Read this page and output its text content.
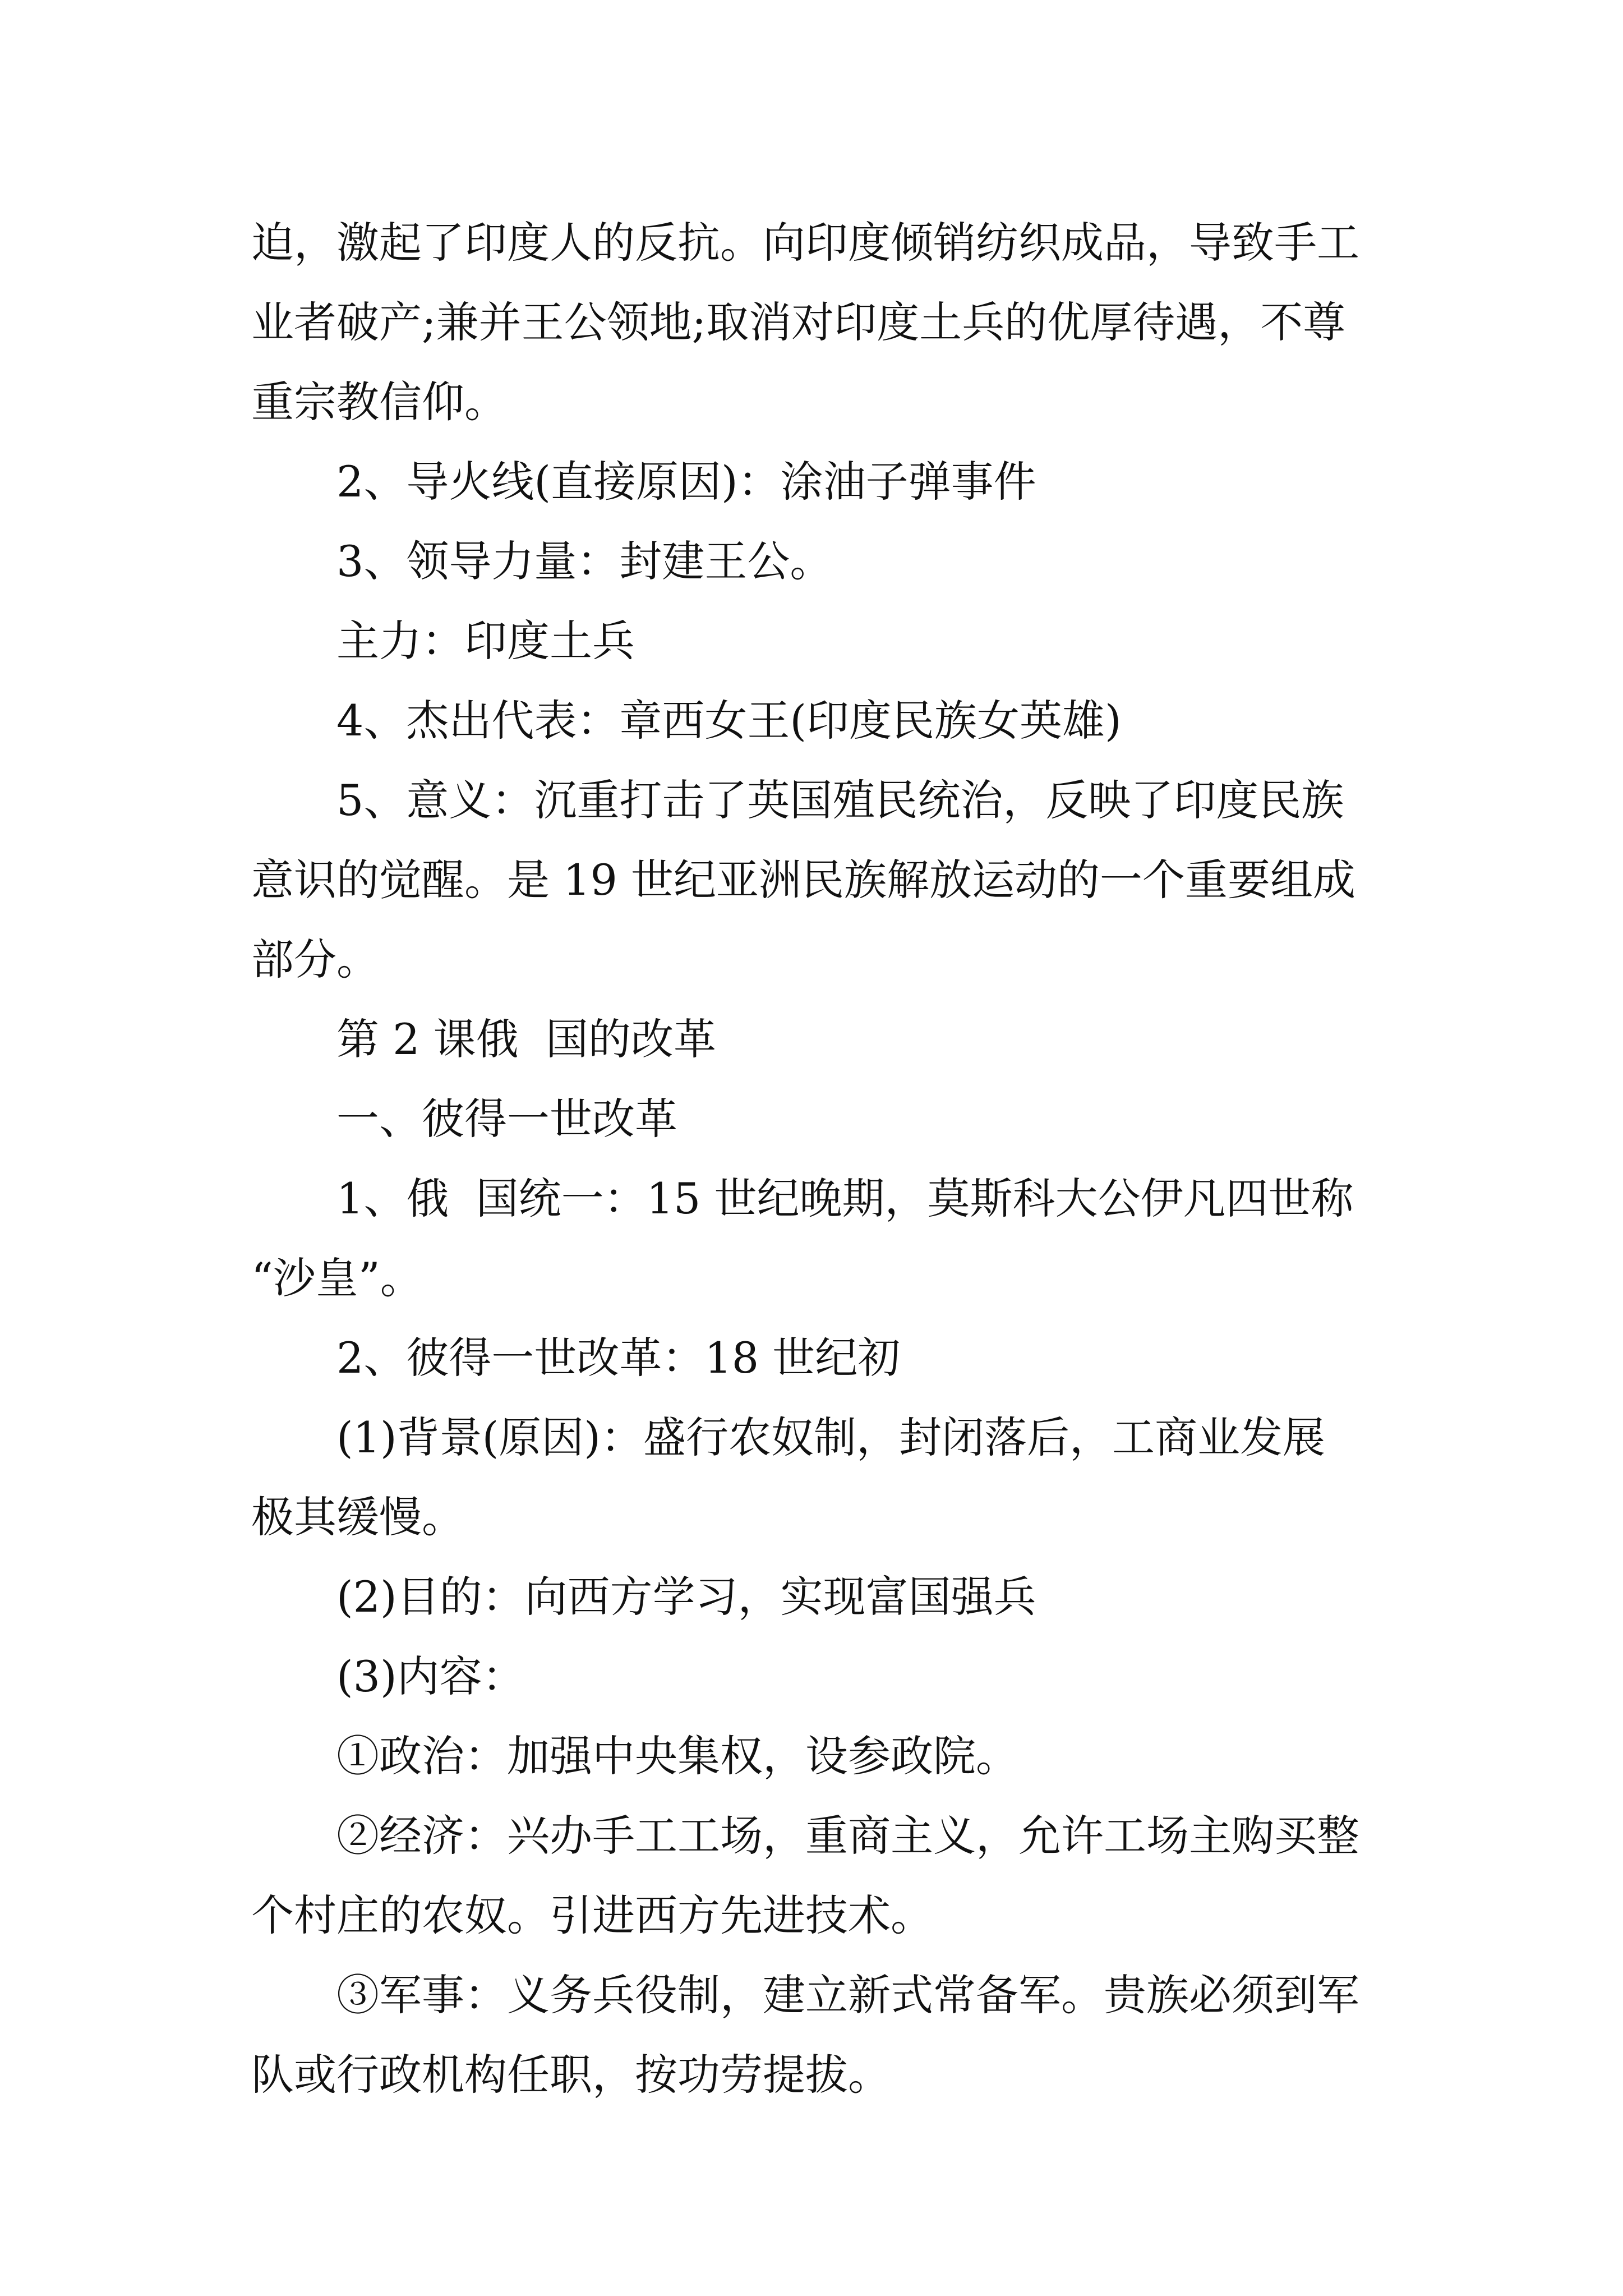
迫，激起了印度人的反抗。向印度倾销纺织成品，导致手工

业者破产;兼并王公领地;取消对印度土兵的优厚待遇，不尊

重宗教信仰。

2、导火线(直接原因)：涂油子弹事件

3、领导力量：封建王公。

主力：印度土兵

4、杰出代表：章西女王(印度民族女英雄)

5、意义：沉重打击了英国殖民统治，反映了印度民族

意识的觉醒。是 19 世纪亚洲民族解放运动的一个重要组成

部分。

第 2 课俄  国的改革

一、彼得一世改革

1、俄  国统一：15 世纪晚期，莫斯科大公伊凡四世称

“沙皇”。

2、彼得一世改革：18 世纪初

(1)背景(原因)：盛行农奴制，封闭落后，工商业发展

极其缓慢。

(2)目的：向西方学习，实现富国强兵

(3)内容：

①政治：加强中央集权，设参政院。

②经济：兴办手工工场，重商主义，允许工场主购买整

个村庄的农奴。引进西方先进技术。

③军事：义务兵役制，建立新式常备军。贵族必须到军

队或行政机构任职，按功劳提拔。
